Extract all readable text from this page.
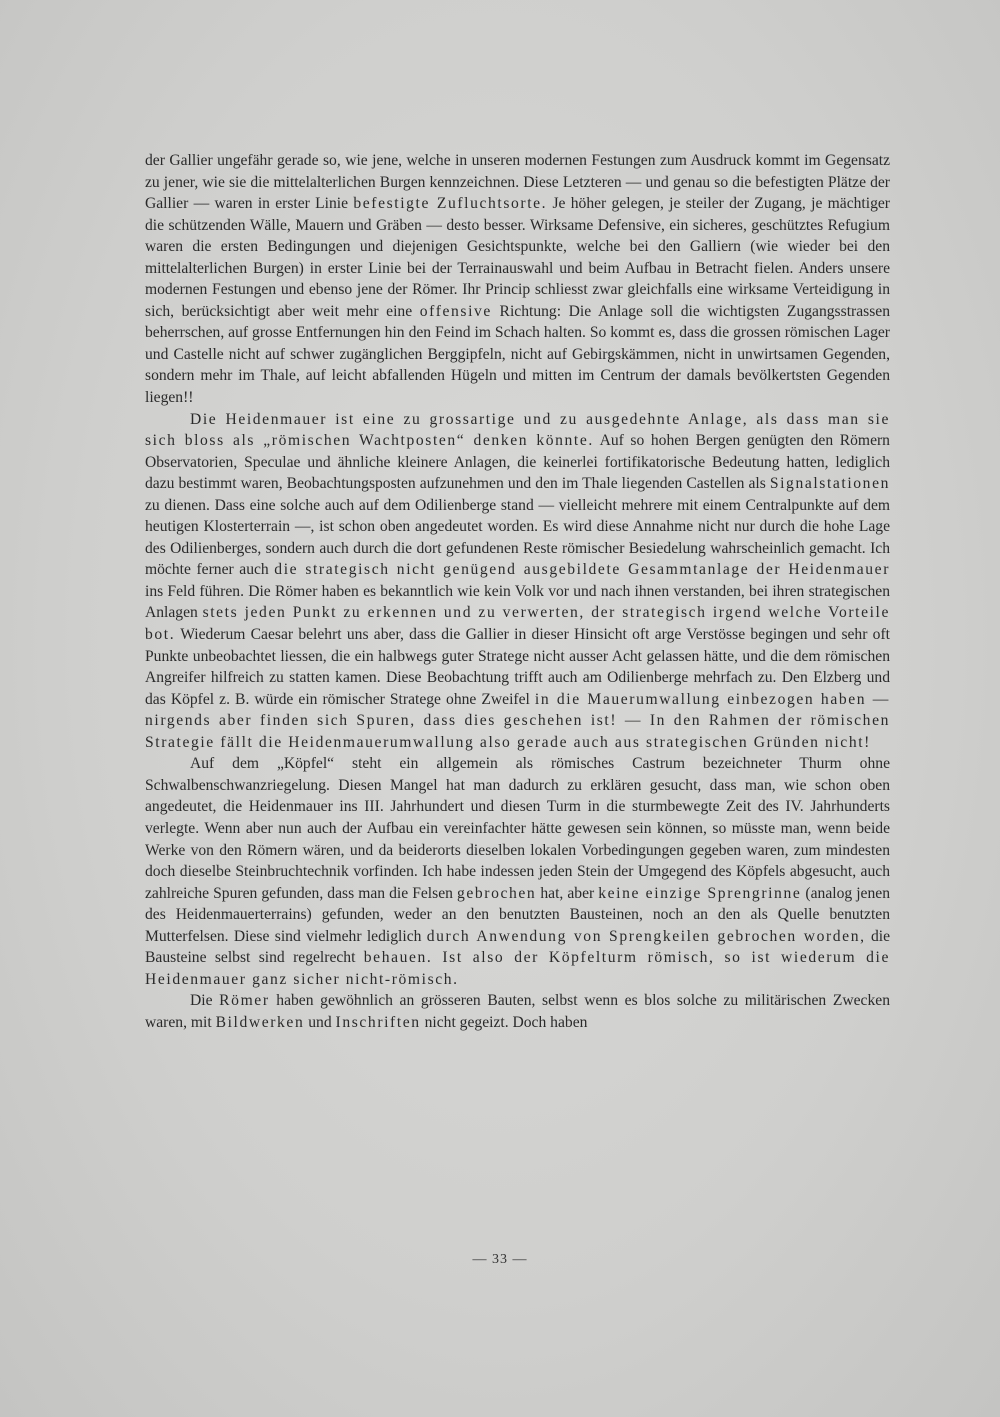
der Gallier ungefähr gerade so, wie jene, welche in unseren modernen Festungen zum Ausdruck kommt im Gegensatz zu jener, wie sie die mittelalterlichen Burgen kennzeichnen. Diese Letzteren — und genau so die befestigten Plätze der Gallier — waren in erster Linie befestigte Zufluchtsorte. Je höher gelegen, je steiler der Zugang, je mächtiger die schützenden Wälle, Mauern und Gräben — desto besser. Wirksame Defensive, ein sicheres, geschütztes Refugium waren die ersten Bedingungen und diejenigen Gesichtspunkte, welche bei den Galliern (wie wieder bei den mittelalterlichen Burgen) in erster Linie bei der Terrainauswahl und beim Aufbau in Betracht fielen. Anders unsere modernen Festungen und ebenso jene der Römer. Ihr Princip schliesst zwar gleichfalls eine wirksame Verteidigung in sich, berücksichtigt aber weit mehr eine offensive Richtung: Die Anlage soll die wichtigsten Zugangsstrassen beherrschen, auf grosse Entfernungen hin den Feind im Schach halten. So kommt es, dass die grossen römischen Lager und Castelle nicht auf schwer zugänglichen Berggipfeln, nicht auf Gebirgskämmen, nicht in unwirtsamen Gegenden, sondern mehr im Thale, auf leicht abfallenden Hügeln und mitten im Centrum der damals bevölkertsten Gegenden liegen!!

Die Heidenmauer ist eine zu grossartige und zu ausgedehnte Anlage, als dass man sie sich bloss als „römischen Wachtposten“ denken könnte. Auf so hohen Bergen genügten den Römern Observatorien, Speculae und ähnliche kleinere Anlagen, die keinerlei fortifikatorische Bedeutung hatten, lediglich dazu bestimmt waren, Beobachtungsposten aufzunehmen und den im Thale liegenden Castellen als Signalstationen zu dienen. Dass eine solche auch auf dem Odilienberge stand — vielleicht mehrere mit einem Centralpunkte auf dem heutigen Klosterterrain —, ist schon oben angedeutet worden. Es wird diese Annahme nicht nur durch die hohe Lage des Odilienberges, sondern auch durch die dort gefundenen Reste römischer Besiedelung wahrscheinlich gemacht. Ich möchte ferner auch die strategisch nicht genügend ausgebildete Gesammtanlage der Heidenmauer ins Feld führen. Die Römer haben es bekanntlich wie kein Volk vor und nach ihnen verstanden, bei ihren strategischen Anlagen stets jeden Punkt zu erkennen und zu verwerten, der strategisch irgend welche Vorteile bot. Wiederum Caesar belehrt uns aber, dass die Gallier in dieser Hinsicht oft arge Verstösse begingen und sehr oft Punkte unbeobachtet liessen, die ein halbwegs guter Stratege nicht ausser Acht gelassen hätte, und die dem römischen Angreifer hilfreich zu statten kamen. Diese Beobachtung trifft auch am Odilienberge mehrfach zu. Den Elzberg und das Köpfel z. B. würde ein römischer Stratege ohne Zweifel in die Mauerumwallung einbezogen haben — nirgends aber finden sich Spuren, dass dies geschehen ist! — In den Rahmen der römischen Strategie fällt die Heidenmauerumwallung also gerade auch aus strategischen Gründen nicht!

Auf dem „Köpfel“ steht ein allgemein als römisches Castrum bezeichneter Thurm ohne Schwalbenschwanzriegelung. Diesen Mangel hat man dadurch zu erklären gesucht, dass man, wie schon oben angedeutet, die Heidenmauer ins III. Jahrhundert und diesen Turm in die sturmbewegte Zeit des IV. Jahrhunderts verlegte. Wenn aber nun auch der Aufbau ein vereinfachter hätte gewesen sein können, so müsste man, wenn beide Werke von den Römern wären, und da beiderorts dieselben lokalen Vorbedingungen gegeben waren, zum mindesten doch dieselbe Steinbruchtechnik vorfinden. Ich habe indessen jeden Stein der Umgegend des Köpfels abgesucht, auch zahlreiche Spuren gefunden, dass man die Felsen gebrochen hat, aber keine einzige Sprengrinne (analog jenen des Heidenmauerterrains) gefunden, weder an den benutzten Bausteinen, noch an den als Quelle benutzten Mutterfelsen. Diese sind vielmehr lediglich durch Anwendung von Sprengkeilen gebrochen worden, die Bausteine selbst sind regelrecht behauen. Ist also der Köpfelturm römisch, so ist wiederum die Heidenmauer ganz sicher nicht-römisch.

Die Römer haben gewöhnlich an grösseren Bauten, selbst wenn es blos solche zu militärischen Zwecken waren, mit Bildwerken und Inschriften nicht gegeizt. Doch haben

— 33 —
